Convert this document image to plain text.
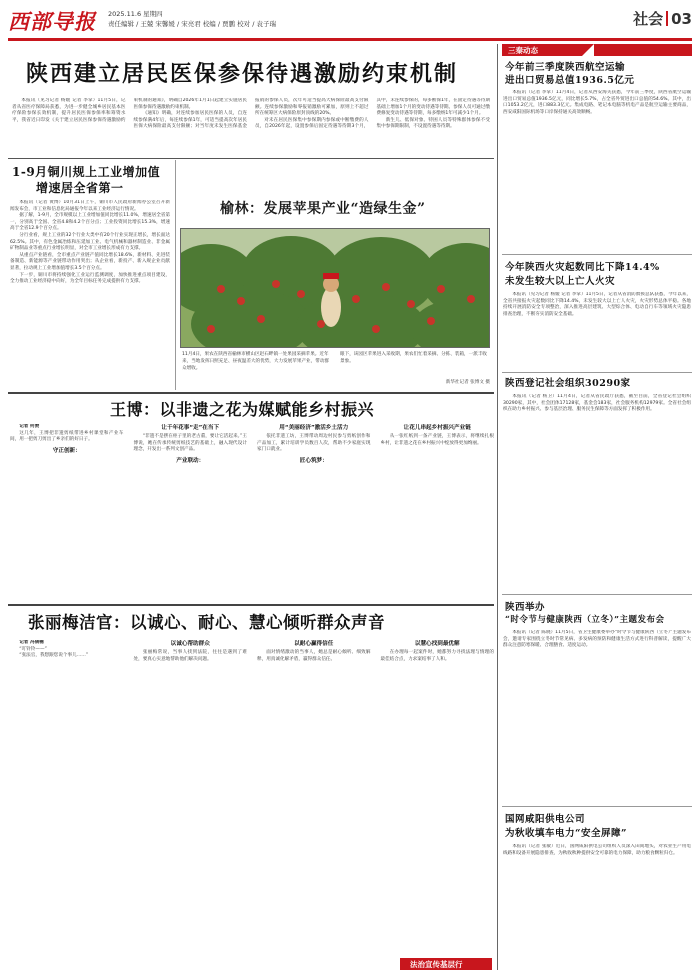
西部导报 2025.11.6 星期四
责任编辑 / 王兢 宋馨媛 / 宋亮君 校编 / 贾鹏 校对 / 袁子瑞	社会 03
陕西建立居民医保参保待遇激励约束机制

本报讯（见习记者 杨媛 记者 李掌）11月5日，记者从省医疗保障局获悉，为进一步健全城乡居民基本医疗保险参保长效机制，提升居民医保参保率和筹资水平，我省近日印发《关于建立居民医保参保待遇激励约束机制的通知》，明确自2026年1月1日起建立实施居民医保参保待遇激励约束机制。

《通知》明确，对连续参加居民医保的人员，自连续参保满4年后，每连续参保1年，可适当提高次年居民医保大病保险最高支付限额；对当年度未发生医保基金报销的参保人员，次年可适当提高大病保险最高支付限额。连续参保激励和零报销激励可累加，原则上不超过所在统筹区大病保险原封顶线的20%。

对未在居民医保集中参保期内参保或中断缴费的人员，自2026年起，设置参保后固定待遇等待期3个月，其中，未连续参保的，每多断保1年，在固定待遇等待期基础上增加1个月的变动待遇等待期。参保人员可通过缴费修复变动待遇等待期，每多缴纳1年可减少1个月。

新生儿、低保对象、特困人员等特殊群体参保不受集中参保期限制，不设置待遇等待期。

1-9月铜川规上工业增加值
增速居全省第一

本报讯（记者 黄博）10月31日上午，铜川市人民政府新闻办公室召开新闻发布会，市工业和信息化局通报今年以来工业经济运行情况。

据了解，1-9月，全市规模以上工业增加值同比增长11.0%，增速居全省第一，分别高于全国、全省4.8和4.2个百分点；工业投资同比增长15.3%，增速高于全省12.9个百分点。

分行业看，规上工业的32个行业大类中有20个行业实现正增长，增长面达62.5%。其中，有色金属冶炼和压延加工业、电气机械和器材制造业、非金属矿物制品业等重点行业增长明显，对全市工业增长形成有力支撑。

从重点产业链看，全市重点产业链产值同比增长18.6%，新材料、先进装备制造、新能源等产业链带动作用突出；从企业看，新投产、新入规企业贡献显著，拉动规上工业增加值增长3.5个百分点。

下一步，铜川市将持续强化工业运行监测调度，加快推进重点项目建设，全力推动工业经济稳中向好，为全年目标任务完成提供有力支撑。

榆林：发展苹果产业“造绿生金”
11月4日，果农在陕西省榆林市横山区赵石畔镇一处果园采摘苹果。近年来，当地发挥日照充足、昼夜温差大的优势，大力发展苹果产业，带动群众增收。
眼下，该园区苹果进入采收期，果农们忙着采摘、分拣、装箱，一派丰收景象。
新华社记者 张博文 摄
王博：以非遗之花为媒赋能乡村振兴

记者 何赞

这几年，王博把非遗剪纸带进乡村课堂和产业车间，用一把剪刀剪出了乡亲们的好日子。

守正创新：
让千年花事“走”在当下

“非遗不是摆在柜子里的老古董，要让它活起来。”王博说，她在传承传统剪纸技艺的基础上，融入现代设计理念，开发出一系列文创产品。

产业联动：
用“美丽经济”激活乡土活力

依托非遗工坊，王博带动周边村民参与剪纸创作和产品加工，累计培训学员数百人次，帮助不少家庭实现家门口就业。

匠心筑梦：
让花儿串起乡村振兴产业链

从一张红纸到一条产业链，王博表示，将继续扎根乡村，让非遗之花在乡村振兴中绽放得更加绚丽。

张丽梅洁官：以诚心、耐心、慧心倾听群众声音

记者 冯倩楠

“叮铃铃——”

“张法官，我想跟您说个事儿……”

以诚心帮助群众

张丽梅常说，当事人找到法院，往往是遇到了难处，要真心实意地帮助他们解决问题。

以耐心赢得信任

面对情绪激动的当事人，她总是耐心倾听、细致解释，用真诚化解矛盾，赢得群众信任。

以慧心找到最优解

在办理每一起案件时，她都努力寻找法理与情理的最佳结合点，力求案结事了人和。

法治宣传基层行
三秦动态
今年前三季度陕西航空运输
进出口贸易总值1936.5亿元

本报讯（记者 李掌）11月4日，记者从西安海关获悉，今年前三季度，陕西省航空运输进出口贸易总值1936.5亿元，同比增长5.7%，占全省外贸进出口总值的54.6%。其中，出口1053.2亿元，进口883.3亿元。集成电路、笔记本电脑等机电产品是航空运输主要商品，西安咸阳国际机场等口岸保持通关高效顺畅。

今年陕西火灾起数同比下降14.4%
未发生较大以上亡人火灾

本报讯（见习记者 杨媛 记者 李掌）11月5日，记者从省消防救援总队获悉，今年以来，全省共接报火灾起数同比下降14.4%，未发生较大以上亡人火灾，火灾形势总体平稳。各地持续开展消防安全专项整治，深入推进高层建筑、大型综合体、电动自行车等领域火灾隐患排查治理，不断夯实消防安全基础。

陕西登记社会组织30290家

本报讯（记者 杨卫）11月4日，记者从省民政厅获悉，截至目前，全省登记社会组织30290家，其中，社会团体17128家，基金会183家，社会服务机构12979家。全省社会组织在助力乡村振兴、参与基层治理、服务民生保障等方面发挥了积极作用。

陕西举办
“时令节与健康陕西（立冬）”主题发布会

本报讯（记者 陈晓）11月5日，省卫生健康委举办“时令节与健康陕西（立冬）”主题发布会，邀请专家围绕立冬时节常见病、多发病的预防和健康生活方式进行科普解读，提醒广大群众注意防寒保暖、合理膳食、适度运动。

国网咸阳供电公司
为秋收填车电力“安全屏障”

本报讯（记者 张敏）近日，国网咸阳供电公司组织人员深入田间地头，对农业生产用电线路和设备开展隐患排查，为秋收秋种提供安全可靠的电力保障，助力粮食颗粒归仓。
